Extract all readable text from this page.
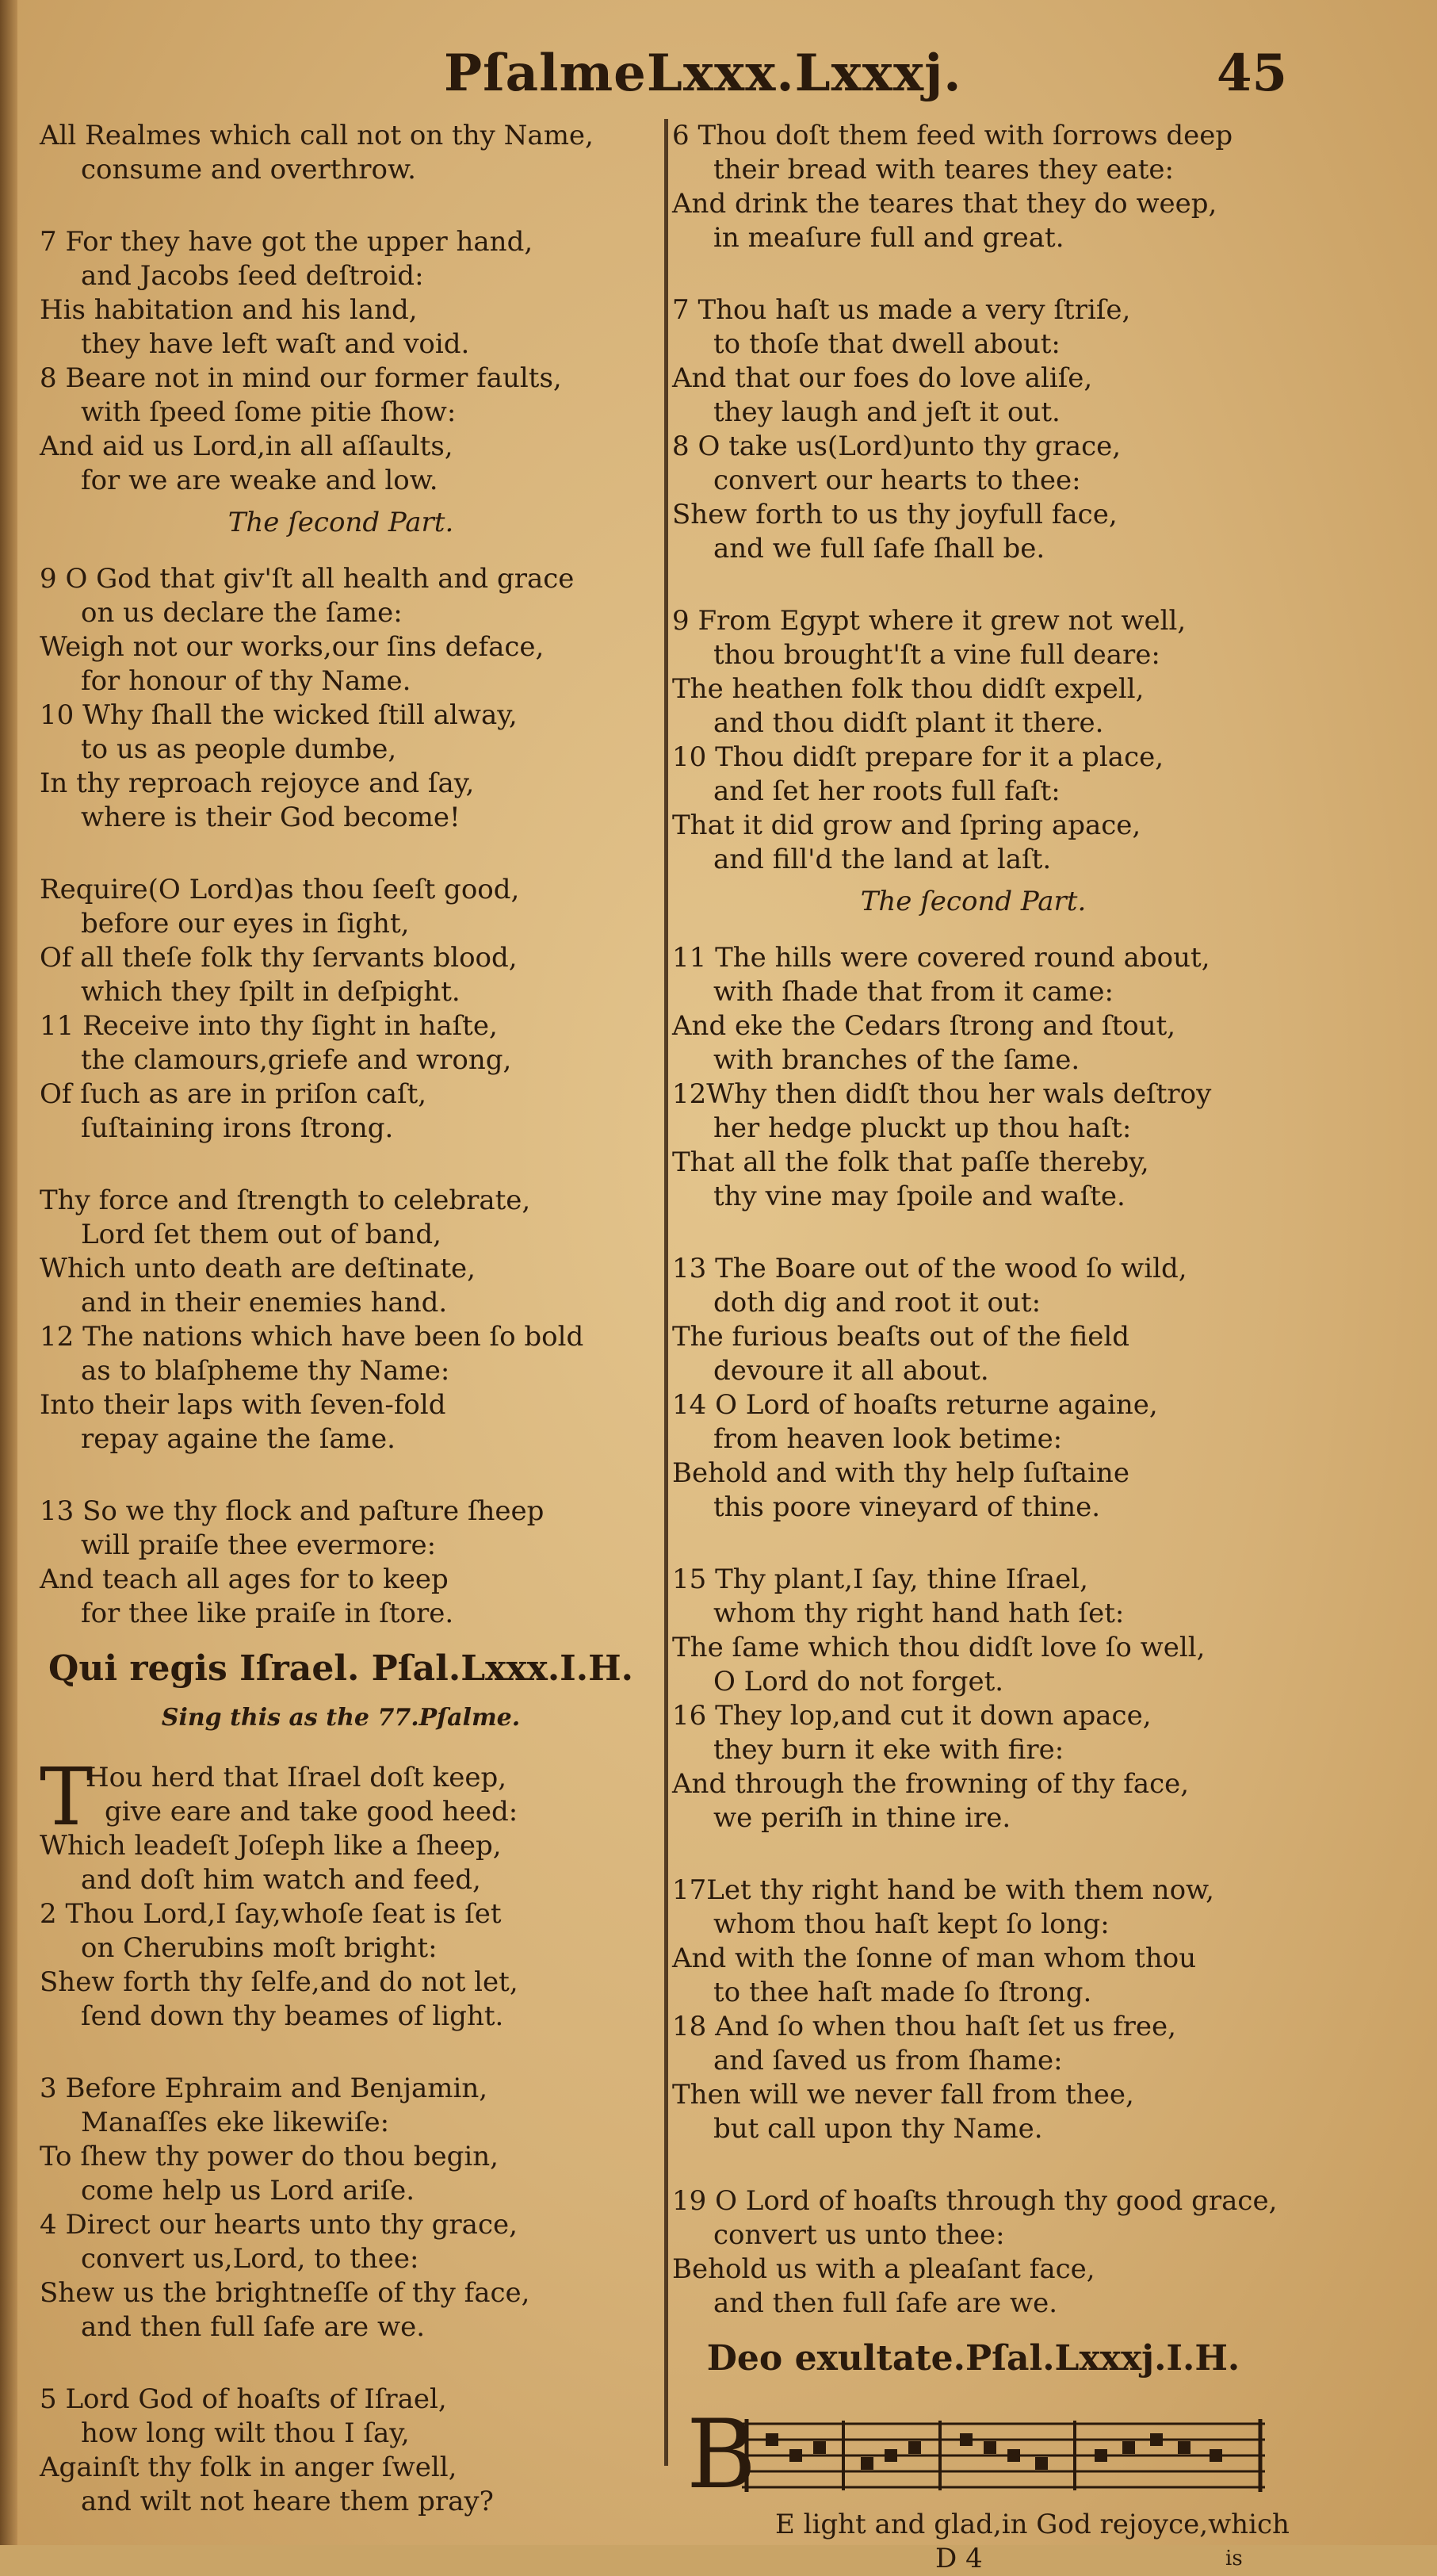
PſalmeLxxx.Lxxxj.	45
All Realmes which call not on thy Name,
consume and overthrow.
7 For they have got the upper hand,
and Jacobs ſeed deſtroid:
His habitation and his land,
they have left waſt and void.
8 Beare not in mind our former faults,
with ſpeed ſome pitie ſhow:
And aid us Lord,in all aſſaults,
for we are weake and low.
The ſecond Part.
9 O God that giv'ſt all health and grace
on us declare the ſame:
Weigh not our works,our ſins deface,
for honour of thy Name.
10 Why ſhall the wicked ſtill alway,
to us as people dumbe,
In thy reproach rejoyce and ſay,
where is their God become!
Require(O Lord)as thou ſeeſt good,
before our eyes in ſight,
Of all theſe folk thy ſervants blood,
which they ſpilt in deſpight.
11 Receive into thy ſight in haſte,
the clamours,griefe and wrong,
Of ſuch as are in priſon caſt,
ſuſtaining irons ſtrong.
Thy force and ſtrength to celebrate,
Lord ſet them out of band,
Which unto death are deſtinate,
and in their enemies hand.
12 The nations which have been ſo bold
as to blaſpheme thy Name:
Into their laps with ſeven-fold
repay againe the ſame.
13 So we thy flock and paſture ſheep
will praiſe thee evermore:
And teach all ages for to keep
for thee like praiſe in ſtore.
Qui regis Iſrael. Pſal.Lxxx.I.H.
Sing this as the 77.Pſalme.
T
Hou herd that Iſrael doſt keep,
give eare and take good heed:
Which leadeſt Joſeph like a ſheep,
and doſt him watch and feed,
2 Thou Lord,I ſay,whoſe ſeat is ſet
on Cherubins moſt bright:
Shew forth thy ſelfe,and do not let,
ſend down thy beames of light.
3 Before Ephraim and Benjamin,
Manaſſes eke likewiſe:
To ſhew thy power do thou begin,
come help us Lord ariſe.
4 Direct our hearts unto thy grace,
convert us,Lord, to thee:
Shew us the brightneſſe of thy face,
and then full ſafe are we.
5 Lord God of hoaſts of Iſrael,
how long wilt thou I ſay,
Againſt thy folk in anger ſwell,
and wilt not heare them pray?
6 Thou doſt them feed with ſorrows deep
their bread with teares they eate:
And drink the teares that they do weep,
in meaſure full and great.
7 Thou haſt us made a very ſtriſe,
to thoſe that dwell about:
And that our foes do love aliſe,
they laugh and jeſt it out.
8 O take us(Lord)unto thy grace,
convert our hearts to thee:
Shew forth to us thy joyfull face,
and we full ſafe ſhall be.
9 From Egypt where it grew not well,
thou brought'ſt a vine full deare:
The heathen folk thou didſt expell,
and thou didſt plant it there.
10 Thou didſt prepare for it a place,
and ſet her roots full faſt:
That it did grow and ſpring apace,
and fill'd the land at laſt.
The ſecond Part.
11 The hills were covered round about,
with ſhade that from it came:
And eke the Cedars ſtrong and ſtout,
with branches of the ſame.
12Why then didſt thou her wals deſtroy
her hedge pluckt up thou haſt:
That all the folk that paſſe thereby,
thy vine may ſpoile and waſte.
13 The Boare out of the wood ſo wild,
doth dig and root it out:
The furious beaſts out of the field
devoure it all about.
14 O Lord of hoaſts returne againe,
from heaven look betime:
Behold and with thy help ſuſtaine
this poore vineyard of thine.
15 Thy plant,I ſay, thine Iſrael,
whom thy right hand hath ſet:
The ſame which thou didſt love ſo well,
O Lord do not forget.
16 They lop,and cut it down apace,
they burn it eke with fire:
And through the frowning of thy face,
we periſh in thine ire.
17Let thy right hand be with them now,
whom thou haſt kept ſo long:
And with the ſonne of man whom thou
to thee haſt made ſo ſtrong.
18 And ſo when thou haſt ſet us free,
and ſaved us from ſhame:
Then will we never fall from thee,
but call upon thy Name.
19 O Lord of hoaſts through thy good grace,
convert us unto thee:
Behold us with a pleaſant face,
and then full ſafe are we.
Deo exultate.Pſal.Lxxxj.I.H.
B
E light and glad,in God rejoyce,which
D 4	is
